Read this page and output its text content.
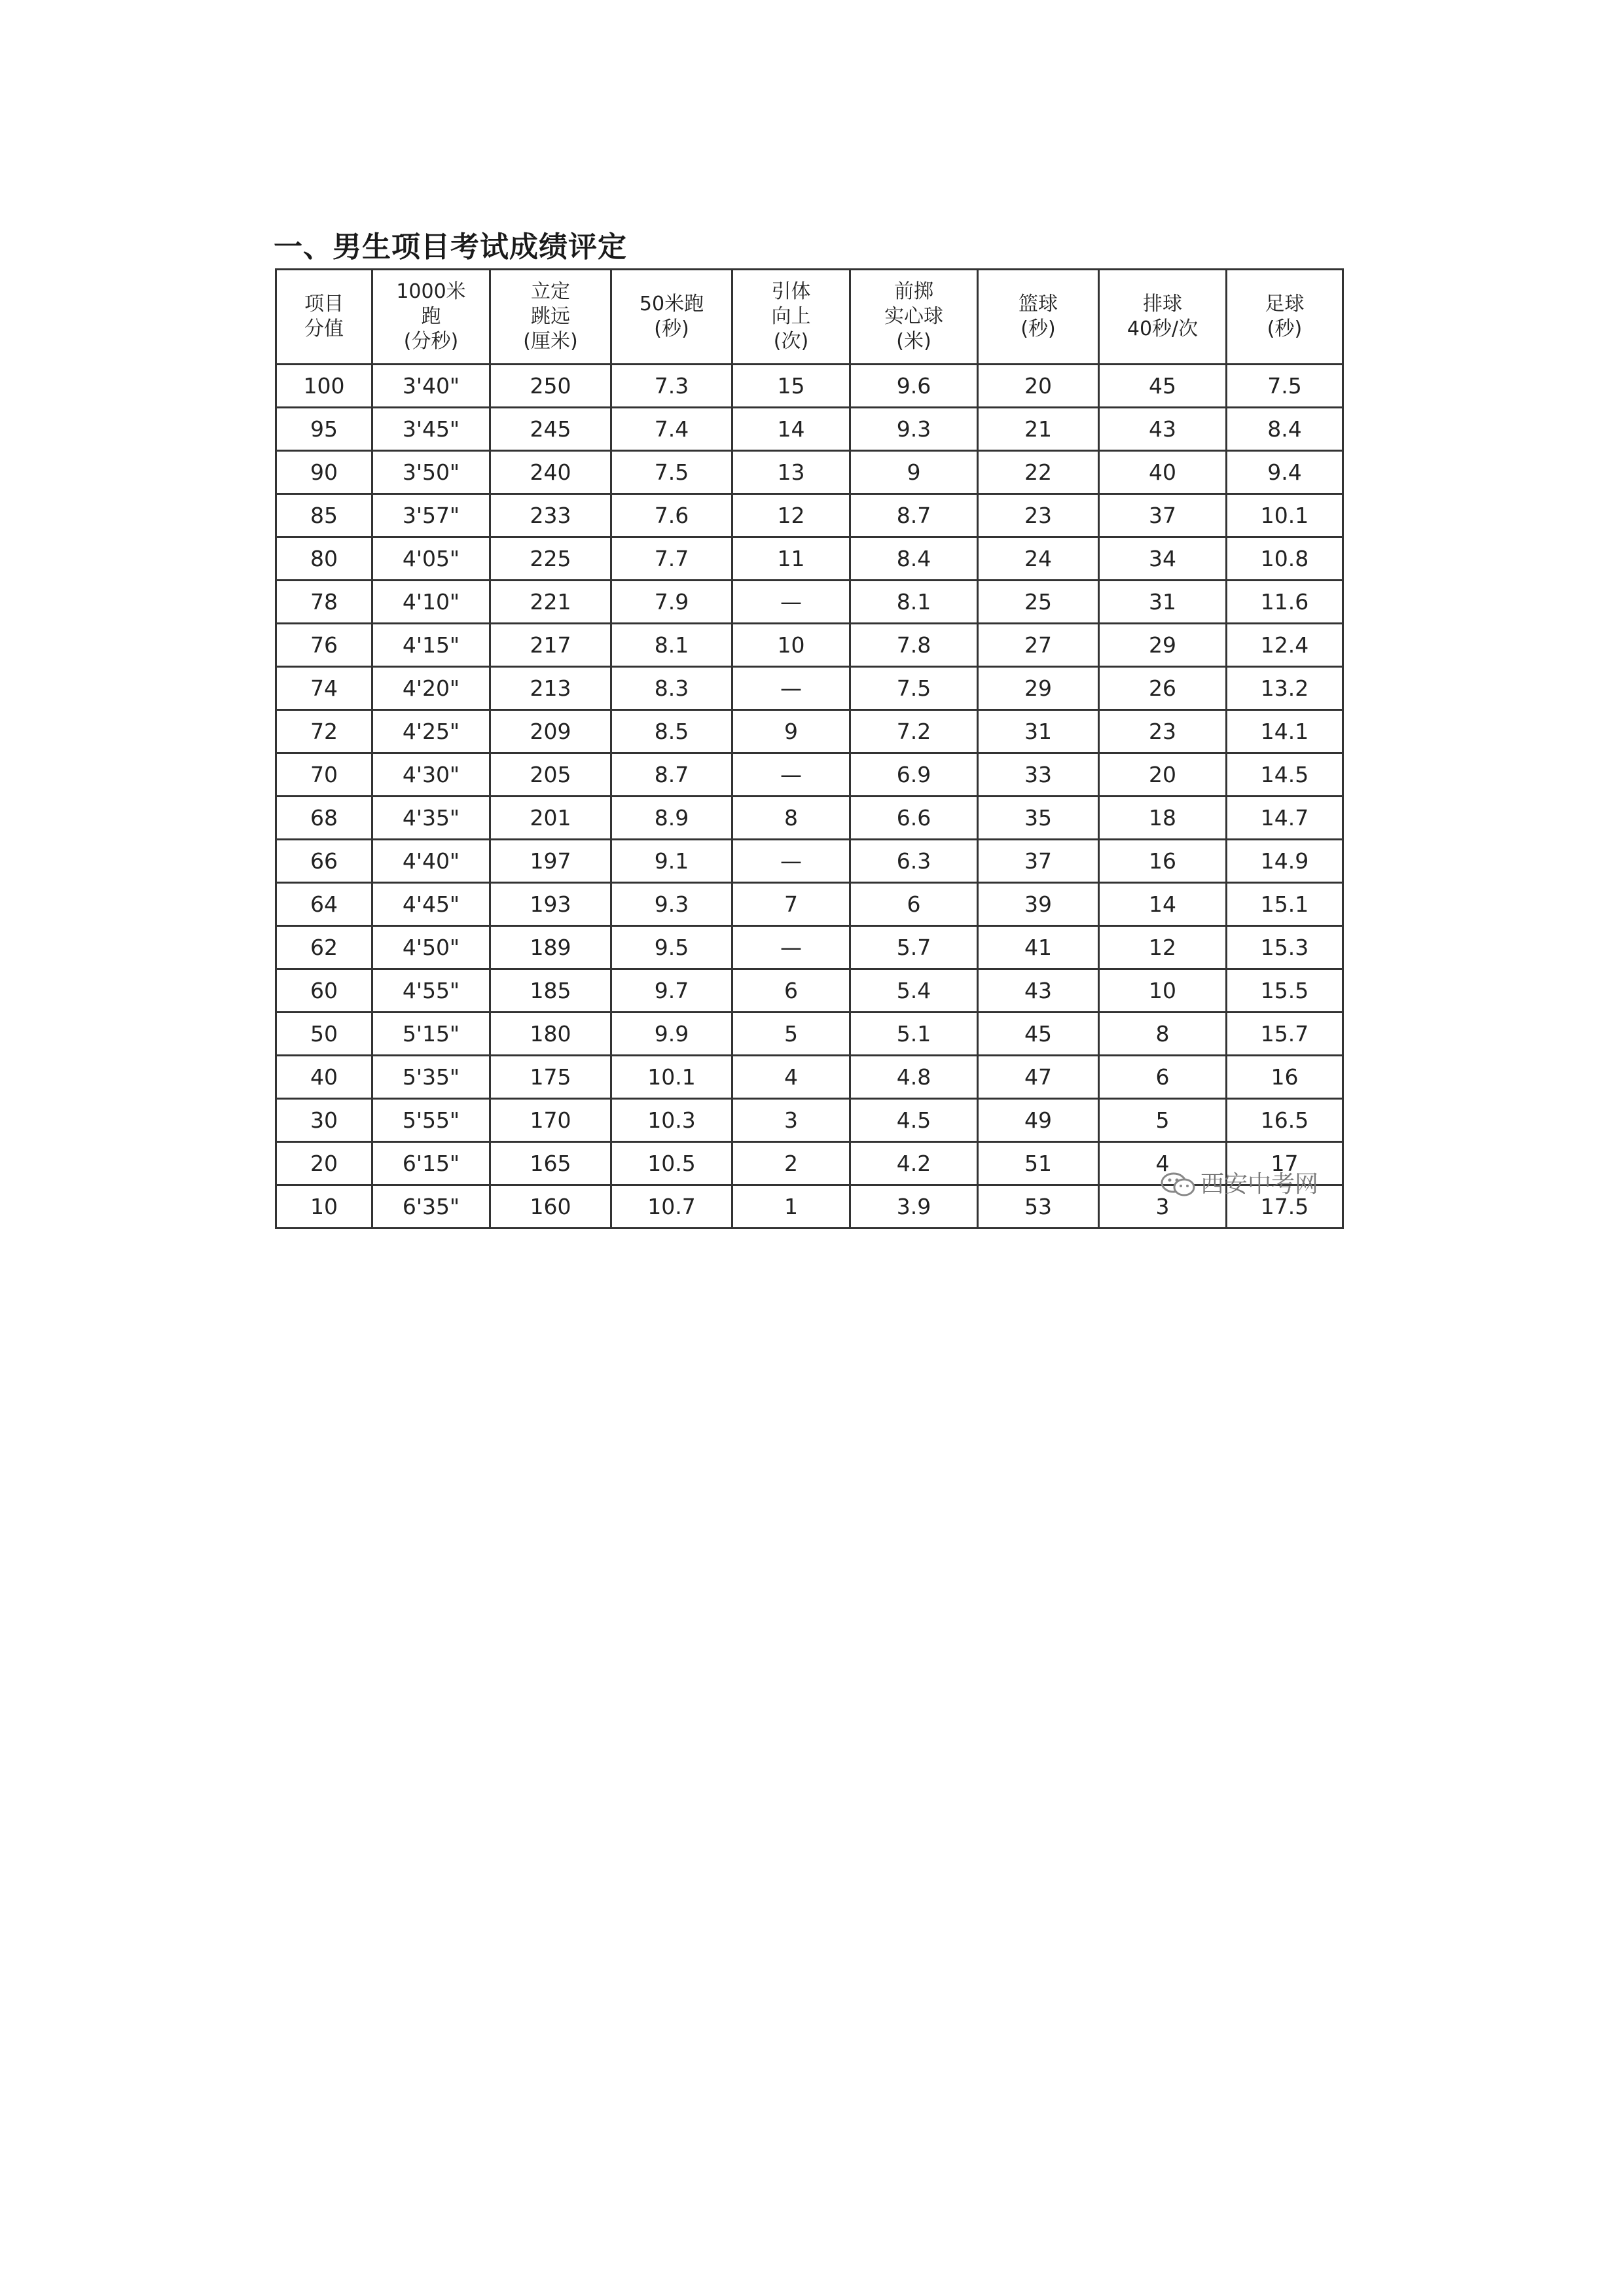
一、男生项目考试成绩评定
项目
分值	1000米
跑
(分秒)	立定
跳远
(厘米)	50米跑
(秒)	引体
向上
(次)	前掷
实心球
(米)	篮球
(秒)	排球
40秒/次	足球
(秒)

100	3'40"	250	7.3	15	9.6	20	45	7.5
95	3'45"	245	7.4	14	9.3	21	43	8.4
90	3'50"	240	7.5	13	9	22	40	9.4
85	3'57"	233	7.6	12	8.7	23	37	10.1
80	4'05"	225	7.7	11	8.4	24	34	10.8
78	4'10"	221	7.9	—	8.1	25	31	11.6
76	4'15"	217	8.1	10	7.8	27	29	12.4
74	4'20"	213	8.3	—	7.5	29	26	13.2
72	4'25"	209	8.5	9	7.2	31	23	14.1
70	4'30"	205	8.7	—	6.9	33	20	14.5
68	4'35"	201	8.9	8	6.6	35	18	14.7
66	4'40"	197	9.1	—	6.3	37	16	14.9
64	4'45"	193	9.3	7	6	39	14	15.1
62	4'50"	189	9.5	—	5.7	41	12	15.3
60	4'55"	185	9.7	6	5.4	43	10	15.5
50	5'15"	180	9.9	5	5.1	45	8	15.7
40	5'35"	175	10.1	4	4.8	47	6	16
30	5'55"	170	10.3	3	4.5	49	5	16.5
20	6'15"	165	10.5	2	4.2	51	4	17
10	6'35"	160	10.7	1	3.9	53	3	17.5
西安中考网
